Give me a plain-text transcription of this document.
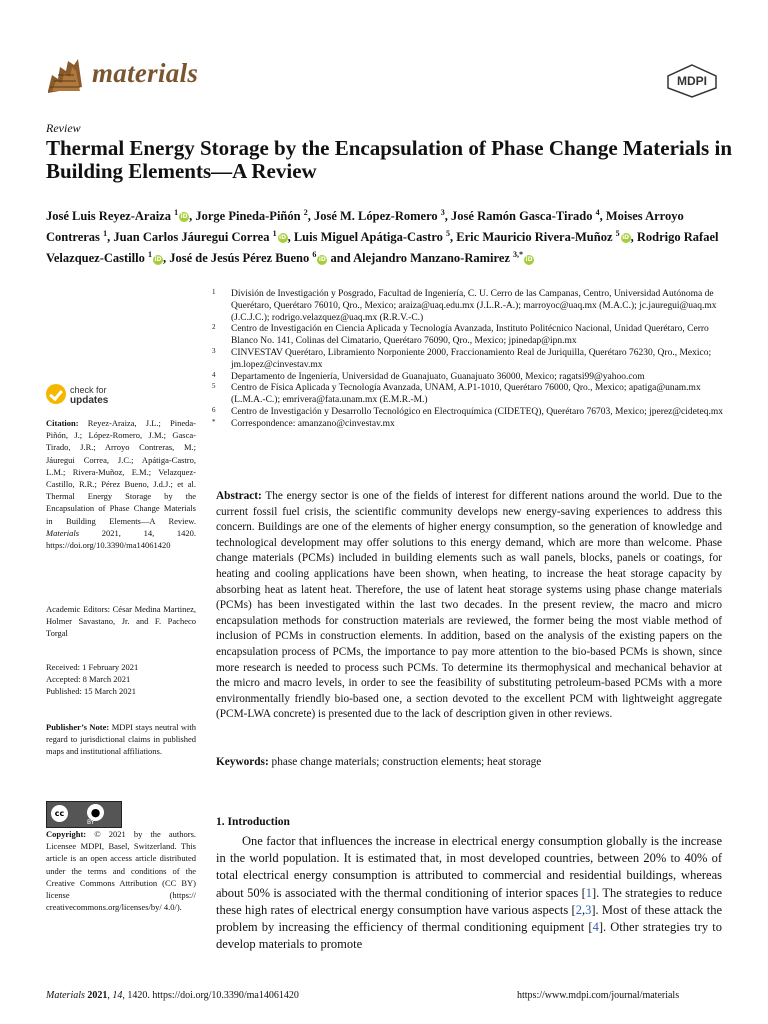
materials	MDPI
Review
Thermal Energy Storage by the Encapsulation of Phase Change Materials in Building Elements—A Review
José Luis Reyez-Araiza $^1$ iD, Jorge Pineda-Piñón $^2$, José M. López-Romero $^3$, José Ramón Gasca-Tirado $^4$, Moises Arroyo Contreras $^1$, Juan Carlos Jáuregui Correa $^1$ iD, Luis Miguel Apátiga-Castro $^5$, Eric Mauricio Rivera-Muñoz $^5$ iD, Rodrigo Rafael Velazquez-Castillo $^1$ iD, José de Jesús Pérez Bueno $^6$ iD and Alejandro Manzano-Ramirez $^{3,*}$ iD
1 División de Investigación y Posgrado, Facultad de Ingeniería, C. U. Cerro de las Campanas, Centro, Universidad Autónoma de Querétaro, Querétaro 76010, Qro., Mexico; araiza@uaq.edu.mx (J.L.R.-A.); marroyoc@uaq.mx (M.A.C.); jc.jauregui@uaq.mx (J.C.J.C.); rodrigo.velazquez@uaq.mx (R.R.V.-C.)
2 Centro de Investigación en Ciencia Aplicada y Tecnología Avanzada, Instituto Politécnico Nacional, Unidad Querétaro, Cerro Blanco No. 141, Colinas del Cimatario, Querétaro 76090, Qro., Mexico; jpinedap@ipn.mx
3 CINVESTAV Querétaro, Libramiento Norponiente 2000, Fraccionamiento Real de Juriquilla, Querétaro 76230, Qro., Mexico; jm.lopez@cinvestav.mx
4 Departamento de Ingeniería, Universidad de Guanajuato, Guanajuato 36000, Mexico; ragatsi99@yahoo.com
5 Centro de Física Aplicada y Tecnología Avanzada, UNAM, A.P1-1010, Querétaro 76000, Qro., Mexico; apatiga@unam.mx (L.M.A.-C.); emrivera@fata.unam.mx (E.M.R.-M.)
6 Centro de Investigación y Desarrollo Tecnológico en Electroquímica (CIDETEQ), Querétaro 76703, Mexico; jperez@cideteq.mx
* Correspondence: amanzano@cinvestav.mx
check for
updates
Citation: Reyez-Araiza, J.L.; Pineda-Piñón, J.; López-Romero, J.M.; Gasca-Tirado, J.R.; Arroyo Contreras, M.; Jáuregui Correa, J.C.; Apátiga-Castro, L.M.; Rivera-Muñoz, E.M.; Velazquez-Castillo, R.R.; Pérez Bueno, J.d.J.; et al. Thermal Energy Storage by the Encapsulation of Phase Change Materials in Building Elements—A Review. Materials	2021, 14, 1420. https://doi.org/10.3390/ma14061420
Academic Editors: César Medina Martinez, Holmer Savastano, Jr. and F. Pacheco Torgal
Received: 1 February 2021
Accepted: 8 March 2021
Published: 15 March 2021
Publisher’s Note: MDPI stays neutral with regard to jurisdictional claims in published maps and institutional affiliations.
cc	●
BY
Copyright: © 2021 by the authors. Licensee MDPI, Basel, Switzerland. This article is an open access article distributed under the terms and conditions of the Creative Commons Attribution (CC BY) license (https:// creativecommons.org/licenses/by/ 4.0/).
Abstract: The energy sector is one of the fields of interest for different nations around the world. Due to the current fossil fuel crisis, the scientific community develops new energy-saving experiences to address this concern. Buildings are one of the elements of higher energy consumption, so the generation of knowledge and technological development may offer solutions to this energy demand, which are more than welcome. Phase change materials (PCMs) included in building elements such as wall panels, blocks, panels or coatings, for heating and cooling applications have been shown, when heating, to increase the heat storage capacity by absorbing heat as latent heat. Therefore, the use of latent heat storage systems using phase change materials (PCMs) has been investigated within the last two decades. In the present review, the macro and micro encapsulation methods for construction materials are reviewed, the former being the most viable method of inclusion of PCMs in construction elements. In addition, based on the analysis of the existing papers on the encapsulation process of PCMs, the importance to pay more attention to the bio-based PCMs is shown, since more research is needed to process such PCMs. To determine its thermophysical and mechanical behavior at the micro and macro levels, in order to see the feasibility of substituting petroleum-based PCMs with a more environmentally friendly bio-based one, a section devoted to the excellent PCM with lightweight aggregate (PCM-LWA concrete) is presented due to the lack of description given in other reviews.
Keywords: phase change materials; construction elements; heat storage
1. Introduction
One factor that influences the increase in electrical energy consumption globally is the increase in the world population. It is estimated that, in most developed countries, between 20% to 40% of total electrical energy consumption is attributed to commercial and residential buildings, whereas about 50% is associated with the thermal conditioning of interior spaces [1]. The strategies to reduce these high rates of electrical energy consumption have various aspects [2,3]. Most of these attack the problem by increasing the efficiency of thermal conditioning equipment [4]. Other strategies try to develop materials to promote
Materials 2021, 14, 1420. https://doi.org/10.3390/ma14061420	https://www.mdpi.com/journal/materials
